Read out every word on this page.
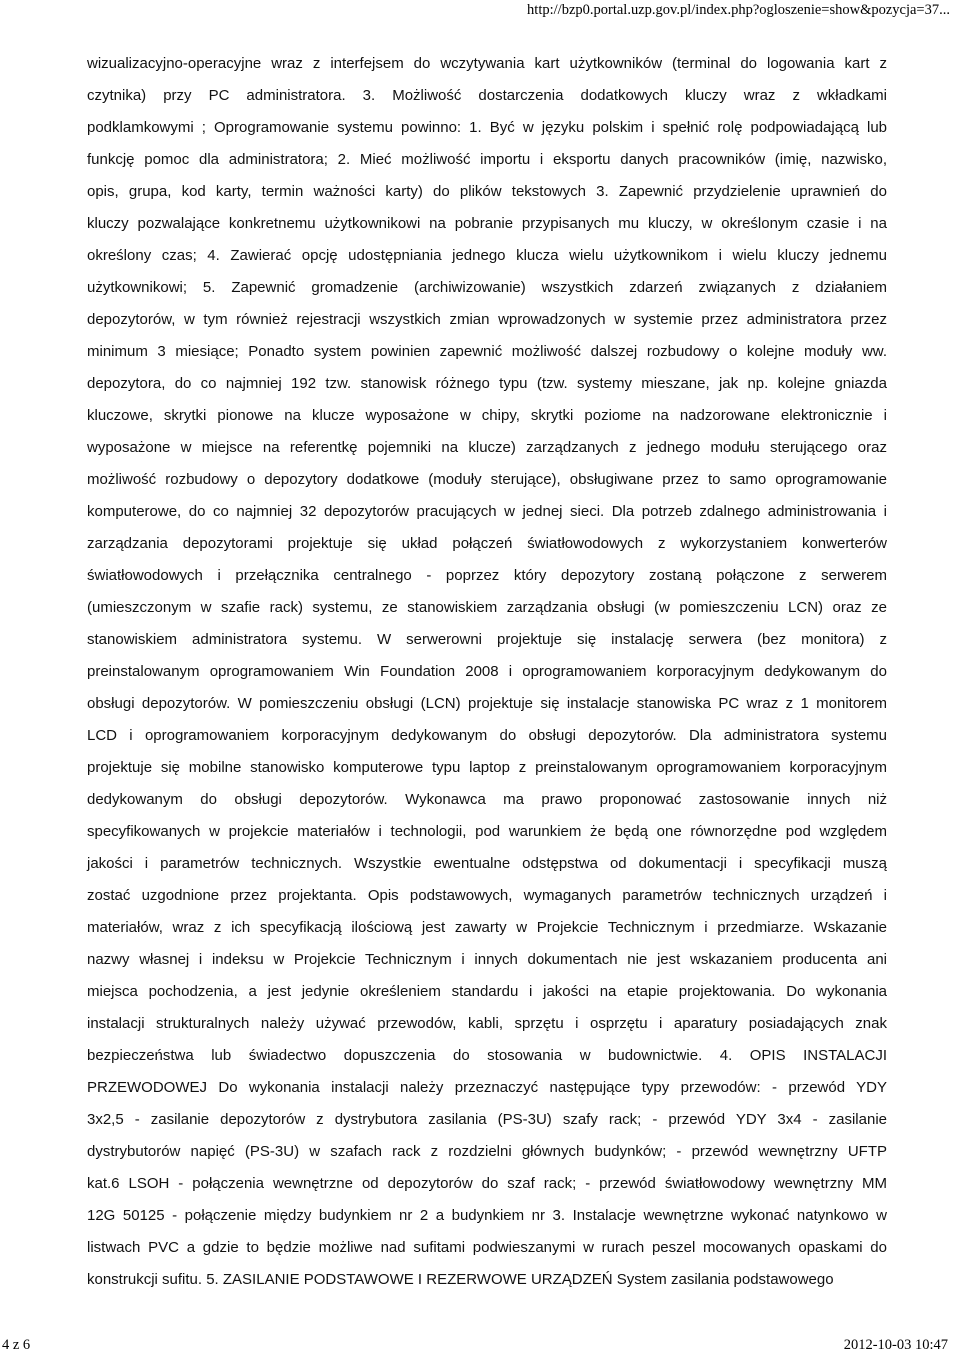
http://bzp0.portal.uzp.gov.pl/index.php?ogloszenie=show&pozycja=37...
wizualizacyjno-operacyjne wraz z interfejsem do wczytywania kart użytkowników (terminal do logowania kart z
czytnika) przy PC administratora. 3. Możliwość dostarczenia dodatkowych kluczy wraz z wkładkami
podklamkowymi ; Oprogramowanie systemu powinno: 1. Być w języku polskim i spełnić rolę podpowiadającą lub
funkcję pomoc dla administratora; 2. Mieć możliwość importu i eksportu danych pracowników (imię, nazwisko,
opis, grupa, kod karty, termin ważności karty) do plików tekstowych 3. Zapewnić przydzielenie uprawnień do
kluczy pozwalające konkretnemu użytkownikowi na pobranie przypisanych mu kluczy, w określonym czasie i na
określony czas; 4. Zawierać opcję udostępniania jednego klucza wielu użytkownikom i wielu kluczy jednemu
użytkownikowi; 5. Zapewnić gromadzenie (archiwizowanie) wszystkich zdarzeń związanych z działaniem
depozytorów, w tym również rejestracji wszystkich zmian wprowadzonych w systemie przez administratora przez
minimum 3 miesiące; Ponadto system powinien zapewnić możliwość dalszej rozbudowy o kolejne moduły ww.
depozytora, do co najmniej 192 tzw. stanowisk różnego typu (tzw. systemy mieszane, jak np. kolejne gniazda
kluczowe, skrytki pionowe na klucze wyposażone w chipy, skrytki poziome na nadzorowane elektronicznie i
wyposażone w miejsce na referentkę pojemniki na klucze) zarządzanych z jednego modułu sterującego oraz
możliwość rozbudowy o depozytory dodatkowe (moduły sterujące), obsługiwane przez to samo oprogramowanie
komputerowe, do co najmniej 32 depozytorów pracujących w jednej sieci. Dla potrzeb zdalnego administrowania i
zarządzania depozytorami projektuje się układ połączeń światłowodowych z wykorzystaniem konwerterów
światłowodowych i przełącznika centralnego - poprzez który depozytory zostaną połączone z serwerem
(umieszczonym w szafie rack) systemu, ze stanowiskiem zarządzania obsługi (w pomieszczeniu LCN) oraz ze
stanowiskiem administratora systemu. W serwerowni projektuje się instalację serwera (bez monitora) z
preinstalowanym oprogramowaniem Win Foundation 2008 i oprogramowaniem korporacyjnym dedykowanym do
obsługi depozytorów. W pomieszczeniu obsługi (LCN) projektuje się instalacje stanowiska PC wraz z 1 monitorem
LCD i oprogramowaniem korporacyjnym dedykowanym do obsługi depozytorów. Dla administratora systemu
projektuje się mobilne stanowisko komputerowe typu laptop z preinstalowanym oprogramowaniem korporacyjnym
dedykowanym do obsługi depozytorów. Wykonawca ma prawo proponować zastosowanie innych niż
specyfikowanych w projekcie materiałów i technologii, pod warunkiem że będą one równorzędne pod względem
jakości i parametrów technicznych. Wszystkie ewentualne odstępstwa od dokumentacji i specyfikacji muszą
zostać uzgodnione przez projektanta. Opis podstawowych, wymaganych parametrów technicznych urządzeń i
materiałów, wraz z ich specyfikacją ilościową jest zawarty w Projekcie Technicznym i przedmiarze. Wskazanie
nazwy własnej i indeksu w Projekcie Technicznym i innych dokumentach nie jest wskazaniem producenta ani
miejsca pochodzenia, a jest jedynie określeniem standardu i jakości na etapie projektowania. Do wykonania
instalacji strukturalnych należy używać przewodów, kabli, sprzętu i osprzętu i aparatury posiadających znak
bezpieczeństwa lub świadectwo dopuszczenia do stosowania w budownictwie. 4. OPIS INSTALACJI
PRZEWODOWEJ Do wykonania instalacji należy przeznaczyć następujące typy przewodów: - przewód YDY
3x2,5 - zasilanie depozytorów z dystrybutora zasilania (PS-3U) szafy rack; - przewód YDY 3x4 - zasilanie
dystrybutorów napięć (PS-3U) w szafach rack z rozdzielni głównych budynków; - przewód wewnętrzny UFTP
kat.6 LSOH - połączenia wewnętrzne od depozytorów do szaf rack; - przewód światłowodowy wewnętrzny MM
12G 50125 - połączenie między budynkiem nr 2 a budynkiem nr 3. Instalacje wewnętrzne wykonać natynkowo w
listwach PVC a gdzie to będzie możliwe nad sufitami podwieszanymi w rurach peszel mocowanych opaskami do
konstrukcji sufitu. 5. ZASILANIE PODSTAWOWE I REZERWOWE URZĄDZEŃ System zasilania podstawowego
4 z 6	2012-10-03 10:47
